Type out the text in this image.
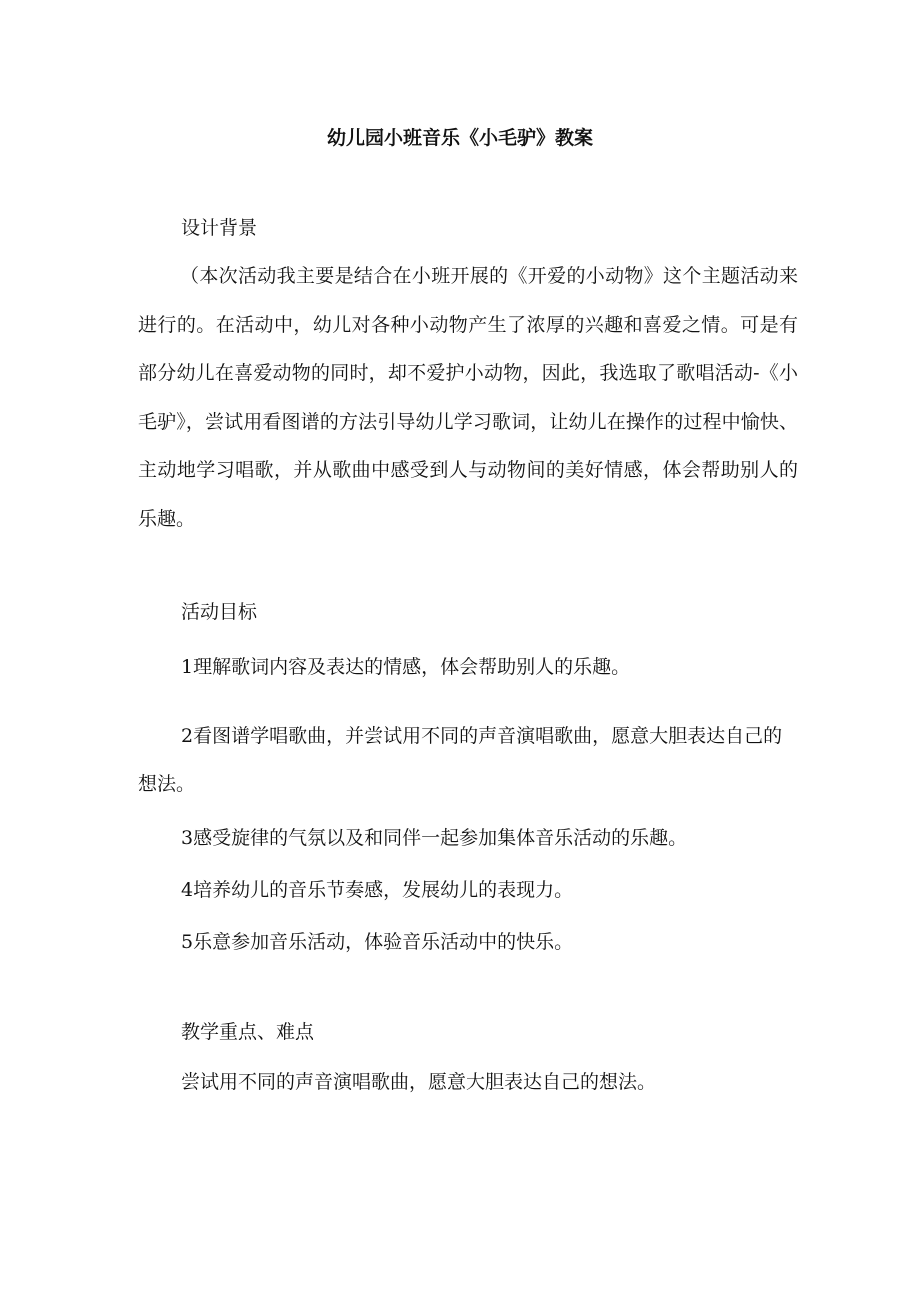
幼儿园小班音乐《小毛驴》教案
设计背景
（本次活动我主要是结合在小班开展的《开爱的小动物》这个主题活动来进行的。在活动中，幼儿对各种小动物产生了浓厚的兴趣和喜爱之情。可是有部分幼儿在喜爱动物的同时，却不爱护小动物，因此，我选取了歌唱活动-《小毛驴》，尝试用看图谱的方法引导幼儿学习歌词，让幼儿在操作的过程中愉快、主动地学习唱歌，并从歌曲中感受到人与动物间的美好情感，体会帮助别人的乐趣。
活动目标
1理解歌词内容及表达的情感，体会帮助别人的乐趣。
2看图谱学唱歌曲，并尝试用不同的声音演唱歌曲，愿意大胆表达自己的想法。
3感受旋律的气氛以及和同伴一起参加集体音乐活动的乐趣。
4培养幼儿的音乐节奏感，发展幼儿的表现力。
5乐意参加音乐活动，体验音乐活动中的快乐。
教学重点、难点
尝试用不同的声音演唱歌曲，愿意大胆表达自己的想法。
